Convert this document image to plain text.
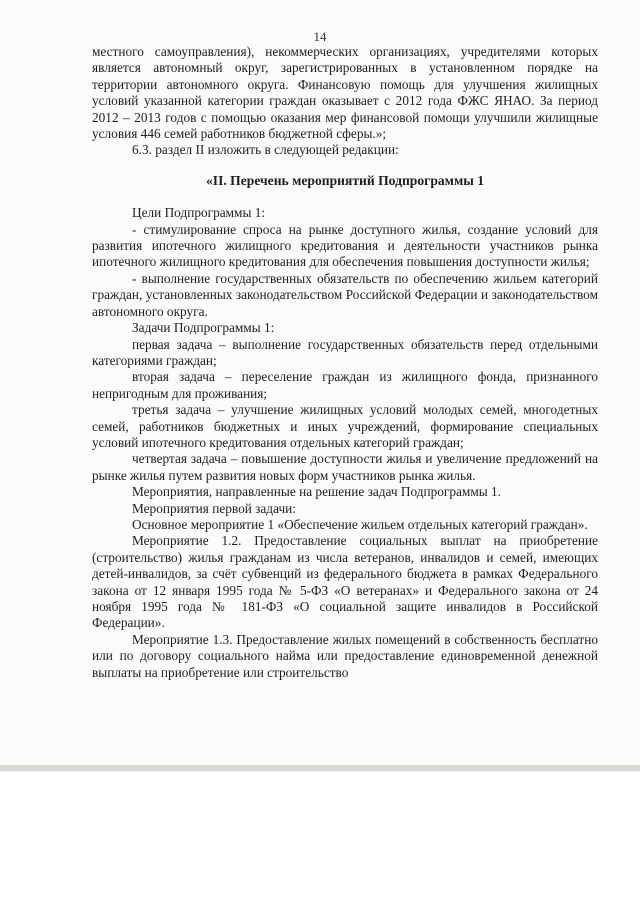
14

местного самоуправления), некоммерческих организациях, учредителями которых является автономный округ, зарегистрированных в установленном порядке на территории автономного округа. Финансовую помощь для улучшения жилищных условий указанной категории граждан оказывает с 2012 года ФЖС ЯНАО. За период 2012 – 2013 годов с помощью оказания мер финансовой помощи улучшили жилищные условия 446 семей работников бюджетной сферы.»;

6.3. раздел II изложить в следующей редакции:

«II. Перечень мероприятий Подпрограммы 1

Цели Подпрограммы 1:

- стимулирование спроса на рынке доступного жилья, создание условий для развития ипотечного жилищного кредитования и деятельности участников рынка ипотечного жилищного кредитования для обеспечения повышения доступности жилья;

- выполнение государственных обязательств по обеспечению жильем категорий граждан, установленных законодательством Российской Федерации и законодательством автономного округа.

Задачи Подпрограммы 1:

первая задача – выполнение государственных обязательств перед отдельными категориями граждан;

вторая задача – переселение граждан из жилищного фонда, признанного непригодным для проживания;

третья задача – улучшение жилищных условий молодых семей, многодетных семей, работников бюджетных и иных учреждений, формирование специальных условий ипотечного кредитования отдельных категорий граждан;

четвертая задача – повышение доступности жилья и увеличение предложений на рынке жилья путем развития новых форм участников рынка жилья.

Мероприятия, направленные на решение задач Подпрограммы 1.

Мероприятия первой задачи:

Основное мероприятие 1 «Обеспечение жильем отдельных категорий граждан».

Мероприятие 1.2. Предоставление социальных выплат на приобретение (строительство) жилья гражданам из числа ветеранов, инвалидов и семей, имеющих детей-инвалидов, за счёт субвенций из федерального бюджета в рамках Федерального закона от 12 января 1995 года № 5-ФЗ «О ветеранах» и Федерального закона от 24 ноября 1995 года № 181-ФЗ «О социальной защите инвалидов в Российской Федерации».

Мероприятие 1.3. Предоставление жилых помещений в собственность бесплатно или по договору социального найма или предоставление единовременной денежной выплаты на приобретение или строительство
